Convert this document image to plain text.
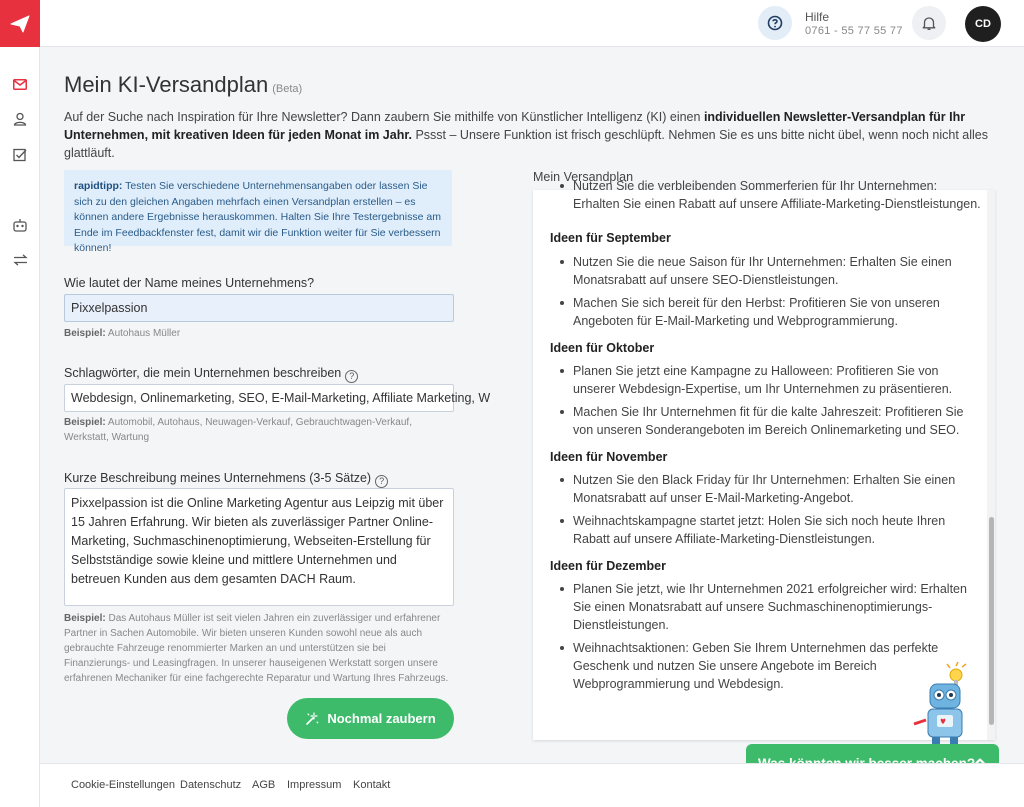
Hilfe
0761 - 55 77 55 77
CD
Mein KI-Versandplan (Beta)
Auf der Suche nach Inspiration für Ihre Newsletter? Dann zaubern Sie mithilfe von Künstlicher Intelligenz (KI) einen individuellen Newsletter-Versandplan für Ihr Unternehmen, mit kreativen Ideen für jeden Monat im Jahr. Pssst – Unsere Funktion ist frisch geschlüpft. Nehmen Sie es uns bitte nicht übel, wenn noch nicht alles glattläuft.
rapidtipp: Testen Sie verschiedene Unternehmensangaben oder lassen Sie sich zu den gleichen Angaben mehrfach einen Versandplan erstellen – es können andere Ergebnisse herauskommen. Halten Sie Ihre Testergebnisse am Ende im Feedbackfenster fest, damit wir die Funktion weiter für Sie verbessern können!
Wie lautet der Name meines Unternehmens?
Pixxelpassion
Beispiel: Autohaus Müller
Schlagwörter, die mein Unternehmen beschreiben ?
Webdesign, Onlinemarketing, SEO, E-Mail-Marketing, Affiliate Marketing, W
Beispiel: Automobil, Autohaus, Neuwagen-Verkauf, Gebrauchtwagen-Verkauf, Werkstatt, Wartung
Kurze Beschreibung meines Unternehmens (3-5 Sätze) ?
Pixxelpassion ist die Online Marketing Agentur aus Leipzig mit über 15 Jahren Erfahrung. Wir bieten als zuverlässiger Partner Online-Marketing, Suchmaschinenoptimierung, Webseiten-Erstellung für Selbstständige sowie kleine und mittlere Unternehmen und betreuen Kunden aus dem gesamten DACH Raum.
Beispiel: Das Autohaus Müller ist seit vielen Jahren ein zuverlässiger und erfahrener Partner in Sachen Automobile. Wir bieten unseren Kunden sowohl neue als auch gebrauchte Fahrzeuge renommierter Marken an und unterstützen sie bei Finanzierungs- und Leasingfragen. In unserer hauseigenen Werkstatt sorgen unsere erfahrenen Mechaniker für eine fachgerechte Reparatur und Wartung Ihres Fahrzeugs.
Nochmal zaubern
Mein Versandplan
Nutzen Sie die verbleibenden Sommerferien für Ihr Unternehmen: Erhalten Sie einen Rabatt auf unsere Affiliate-Marketing-Dienstleistungen.
Ideen für September
Nutzen Sie die neue Saison für Ihr Unternehmen: Erhalten Sie einen Monatsrabatt auf unsere SEO-Dienstleistungen.
Machen Sie sich bereit für den Herbst: Profitieren Sie von unseren Angeboten für E-Mail-Marketing und Webprogrammierung.
Ideen für Oktober
Planen Sie jetzt eine Kampagne zu Halloween: Profitieren Sie von unserer Webdesign-Expertise, um Ihr Unternehmen zu präsentieren.
Machen Sie Ihr Unternehmen fit für die kalte Jahreszeit: Profitieren Sie von unseren Sonderangeboten im Bereich Onlinemarketing und SEO.
Ideen für November
Nutzen Sie den Black Friday für Ihr Unternehmen: Erhalten Sie einen Monatsrabatt auf unser E-Mail-Marketing-Angebot.
Weihnachtskampagne startet jetzt: Holen Sie sich noch heute Ihren Rabatt auf unsere Affiliate-Marketing-Dienstleistungen.
Ideen für Dezember
Planen Sie jetzt, wie Ihr Unternehmen 2021 erfolgreicher wird: Erhalten Sie einen Monatsrabatt auf unsere Suchmaschinenoptimierungs-Dienstleistungen.
Weihnachtsaktionen: Geben Sie Ihrem Unternehmen das perfekte Geschenk und nutzen Sie unsere Angebote im Bereich Webprogrammierung und Webdesign.
Cookie-Einstellungen Datenschutz AGB Impressum Kontakt
